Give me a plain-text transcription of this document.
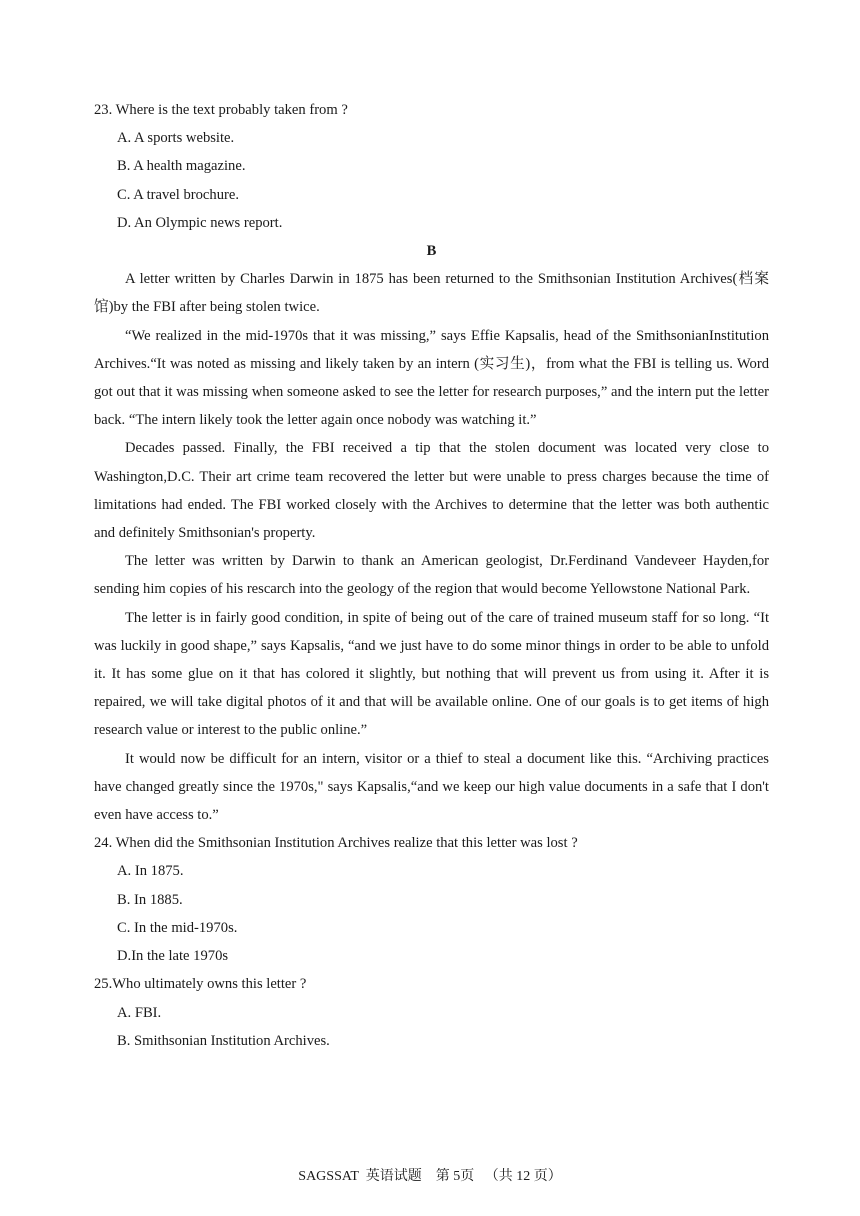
23. Where is the text probably taken from ?

A. A sports website.

B. A health magazine.

C. A travel brochure.

D. An Olympic news report.

B

A letter written by Charles Darwin in 1875 has been returned to the Smithsonian Institution Archives(档案馆)by the FBI after being stolen twice.

“We realized in the mid-1970s that it was missing,” says Effie Kapsalis, head of the SmithsonianInstitution Archives.“It was noted as missing and likely taken by an intern (实习生)，from what the FBI is telling us. Word got out that it was missing when someone asked to see the letter for research purposes,” and the intern put the letter back. “The intern likely took the letter again once nobody was watching it.”

Decades passed. Finally, the FBI received a tip that the stolen document was located very close to Washington,D.C. Their art crime team recovered the letter but were unable to press charges because the time of limitations had ended. The FBI worked closely with the Archives to determine that the letter was both authentic and definitely Smithsonian's property.

The letter was written by Darwin to thank an American geologist, Dr.Ferdinand Vandeveer Hayden,for sending him copies of his rescarch into the geology of the region that would become Yellowstone National Park.

The letter is in fairly good condition, in spite of being out of the care of trained museum staff for so long. “It was luckily in good shape,” says Kapsalis, “and we just have to do some minor things in order to be able to unfold it. It has some glue on it that has colored it slightly, but nothing that will prevent us from using it. After it is repaired, we will take digital photos of it and that will be available online. One of our goals is to get items of high research value or interest to the public online.”

It would now be difficult for an intern, visitor or a thief to steal a document like this. “Archiving practices have changed greatly since the 1970s," says Kapsalis,“and we keep our high value documents in a safe that I don't even have access to.”

24. When did the Smithsonian Institution Archives realize that this letter was lost ?

A. In 1875.

B. In 1885.

C. In the mid-1970s.

D.In the late 1970s

25.Who ultimately owns this letter ?

A. FBI.

B. Smithsonian Institution Archives.

SAGSSAT  英语试题    第 5页   （共 12 页）
